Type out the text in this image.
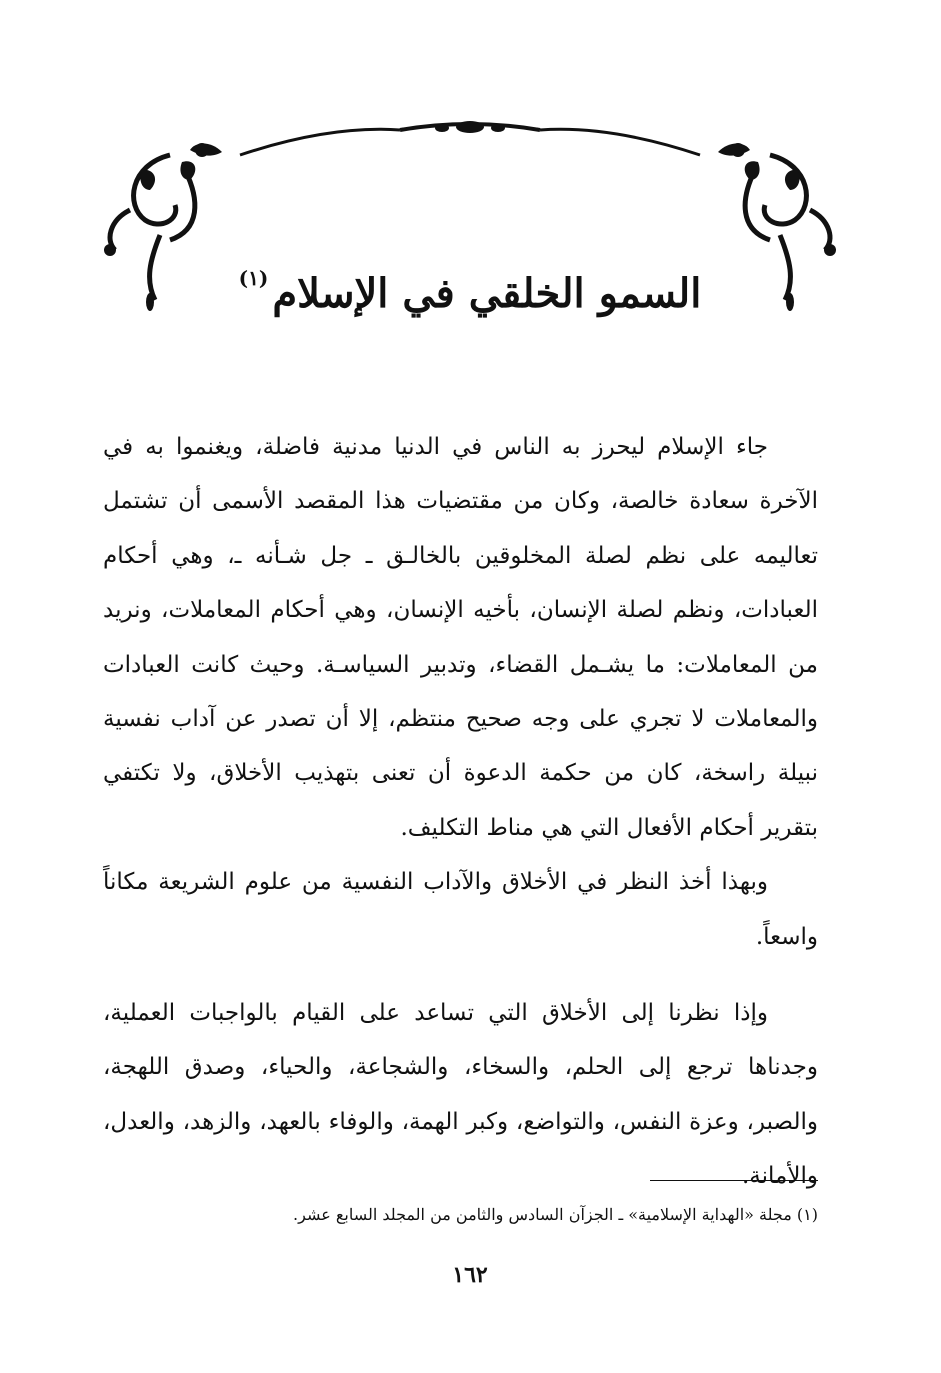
السمو الخلقي في الإسلام$^{(١)}$

جاء الإسلام ليحرز به الناس في الدنيا مدنية فاضلة، ويغنموا به في الآخرة سعادة خالصة، وكان من مقتضيات هذا المقصد الأسمى أن تشتمل تعاليمه على نظم لصلة المخلوقين بالخالـق ـ جل شـأنه ـ، وهي أحكام العبادات، ونظم لصلة الإنسان، بأخيه الإنسان، وهي أحكام المعاملات، ونريد من المعاملات: ما يشـمل القضاء، وتدبير السياسـة. وحيث كانت العبادات والمعاملات لا تجري على وجه صحيح منتظم، إلا أن تصدر عن آداب نفسية نبيلة راسخة، كان من حكمة الدعوة أن تعنى بتهذيب الأخلاق، ولا تكتفي بتقرير أحكام الأفعال التي هي مناط التكليف.

وبهذا أخذ النظر في الأخلاق والآداب النفسية من علوم الشريعة مكاناً واسعاً.

وإذا نظرنا إلى الأخلاق التي تساعد على القيام بالواجبات العملية، وجدناها ترجع إلى الحلم، والسخاء، والشجاعة، والحياء، وصدق اللهجة، والصبر، وعزة النفس، والتواضع، وكبر الهمة، والوفاء بالعهد، والزهد، والعدل، والأمانة.

(١) مجلة «الهداية الإسلامية» ـ الجزآن السادس والثامن من المجلد السابع عشر.
١٦٢
